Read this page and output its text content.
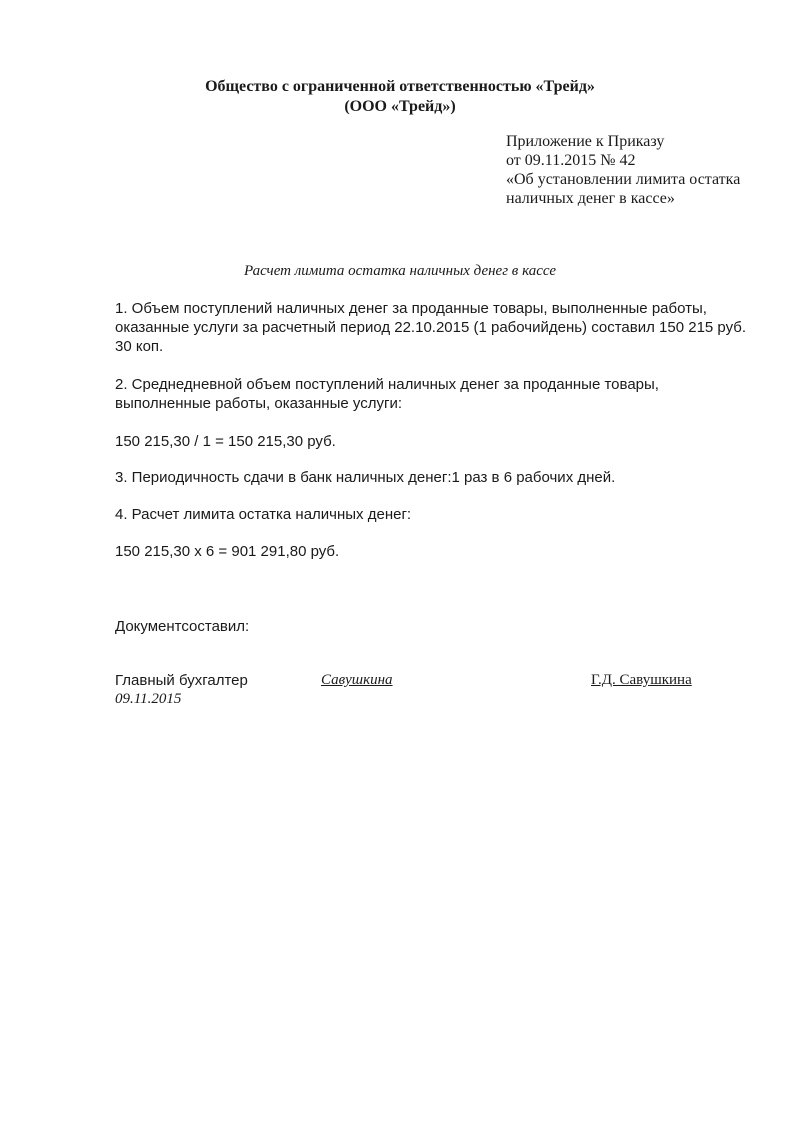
Общество с ограниченной ответственностью «Трейд»
(ООО «Трейд»)
Приложение к Приказу
от 09.11.2015 № 42
«Об установлении лимита остатка
наличных денег в кассе»
Расчет лимита остатка наличных денег в кассе
1. Объем поступлений наличных денег за проданные товары, выполненные работы, оказанные услуги за расчетный период 22.10.2015 (1 рабочийдень) составил 150 215 руб. 30 коп.
2. Среднедневной объем поступлений наличных денег за проданные товары, выполненные работы, оказанные услуги:
150 215,30 / 1 = 150 215,30 руб.
3. Периодичность сдачи в банк наличных денег:1 раз в 6 рабочих дней.
4. Расчет лимита остатка наличных денег:
150 215,30 х 6 = 901 291,80 руб.
Документсоставил:
Главный бухгалтер
09.11.2015
Савушкина	Г.Д. Савушкина
